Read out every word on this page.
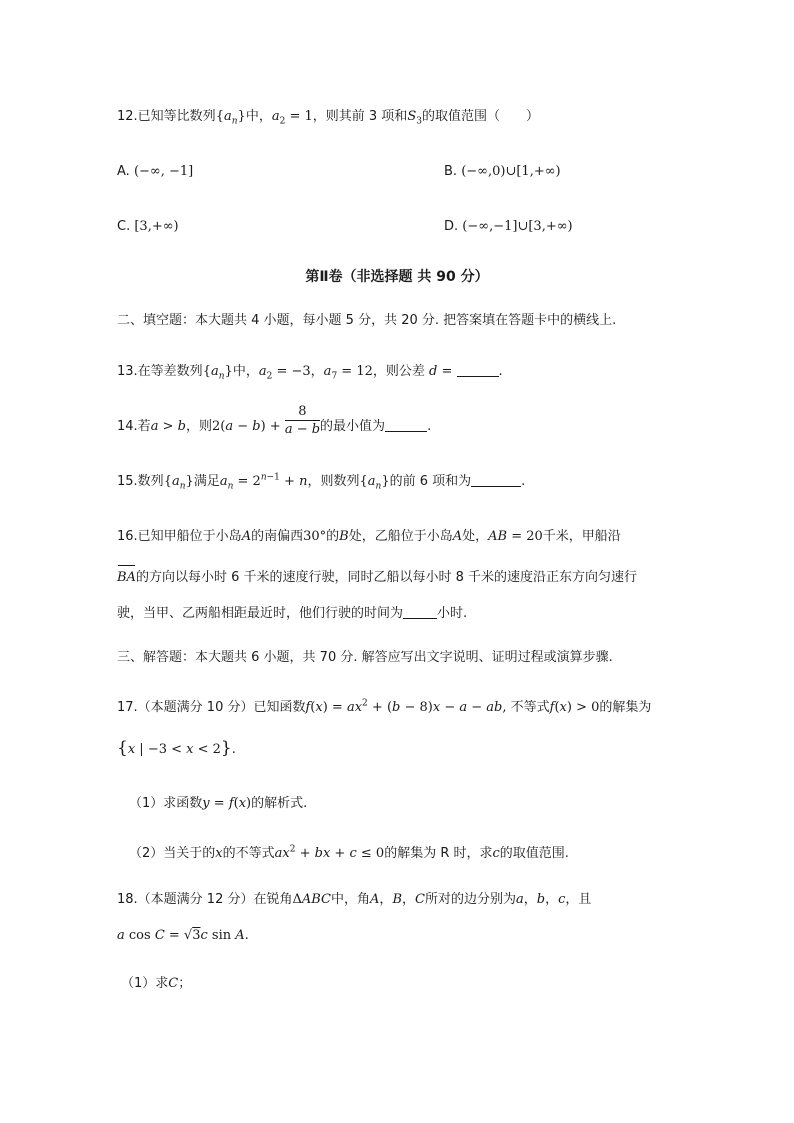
12.已知等比数列$\{a_n\}$中，$a_2 = 1$，则其前 3 项和$S_3$的取值范围（　　）
A. (−∞, −1]	B. (−∞,0)∪[1,+∞)
C. [3,+∞)	D. (−∞,−1]∪[3,+∞)
第Ⅱ卷（非选择题 共 90 分）
二、填空题：本大题共 4 小题，每小题 5 分，共 20 分. 把答案填在答题卡中的横线上.
13.在等差数列$\{a_n\}$中，$a_2 = -3$，$a_7 = 12$，则公差 d =	.
14.若a > b，则$2(a - b) + \frac{8}{a - b}$ 的最小值为	.
15.数列$\{a_n\}$满足$a_n = 2^{n-1} + n$，则数列$\{a_n\}$的前 6 项和为	.
16.已知甲船位于小岛A的南偏西30°的B处，乙船位于小岛A处，AB = 20千米，甲船沿
BA的方向以每小时 6 千米的速度行驶，同时乙船以每小时 8 千米的速度沿正东方向匀速行
驶，当甲、乙两船相距最近时，他们行驶的时间为	小时.
三、解答题：本大题共 6 小题，共 70 分. 解答应写出文字说明、证明过程或演算步骤.
17.（本题满分 10 分）已知函数$f(x) = ax^2 + (b - 8)x - a$ − ab, 不等式f(x) > 0的解集为
{x | −3 < x < 2}.
（1）求函数y = f(x)的解析式.
（2）当关于的x的不等式$ax^2$ + bx + c ≤ 0的解集为 R 时，求c的取值范围.
18.（本题满分 12 分）在锐角ΔABC中，角A，B，C所对的边分别为a，b，c，且
a cos C = √3c sin A.
（1）求C；
